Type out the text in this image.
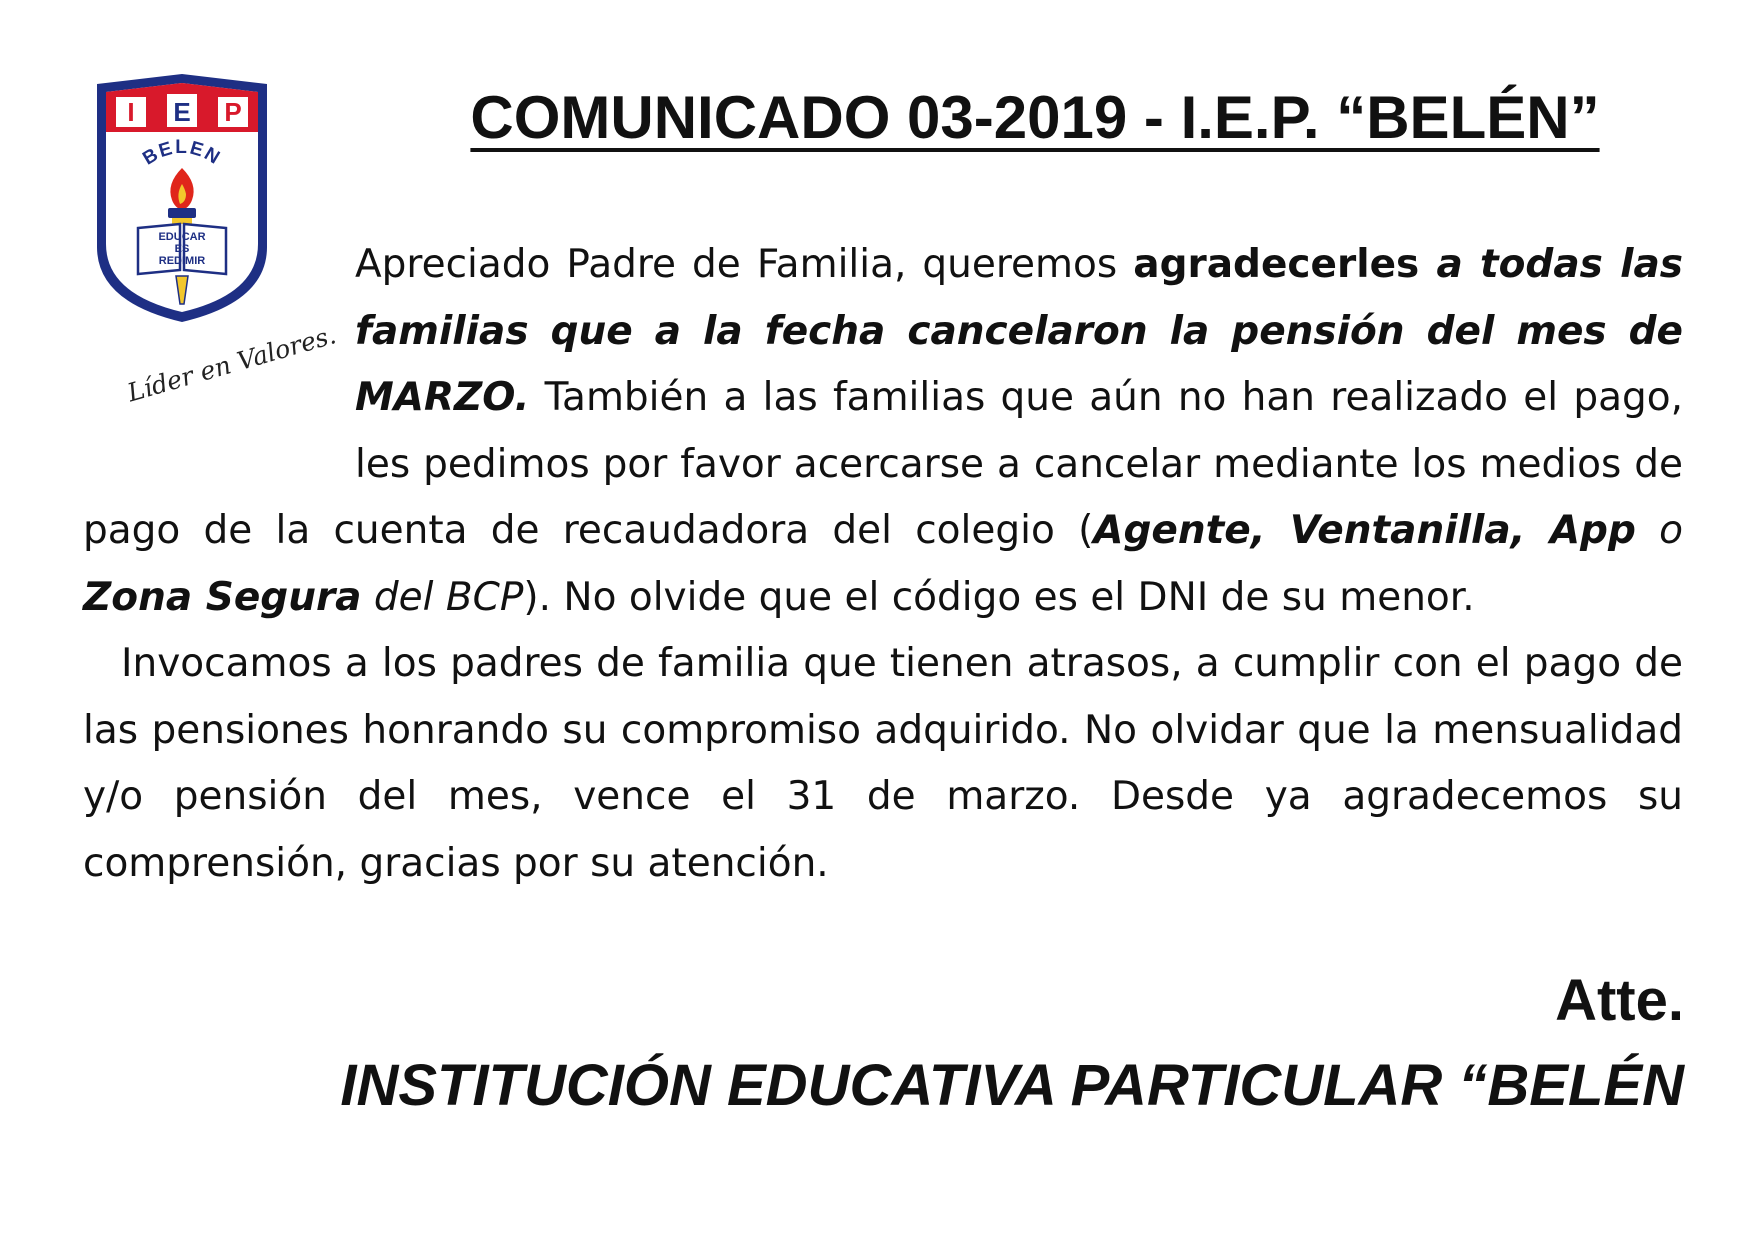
I E P
BELEN
EDUCAR
ES
REDIMIR
Líder en Valores.
COMUNICADO 03-2019 - I.E.P. “BELÉN”

Apreciado Padre de Familia, queremos agradecerles a todas las familias que a la fecha cancelaron la pensión del mes de MARZO. También a las familias que aún no han realizado el pago, les pedimos por favor acercarse a cancelar mediante los medios de pago de la cuenta de recaudadora del colegio (Agente, Ventanilla, App o Zona Segura del BCP). No olvide que el código es el DNI de su menor.

Invocamos a los padres de familia que tienen atrasos, a cumplir con el pago de las pensiones honrando su compromiso adquirido. No olvidar que la mensualidad y/o pensión del mes, vence el 31 de marzo. Desde ya agradecemos su comprensión, gracias por su atención.

Atte.

INSTITUCIÓN EDUCATIVA PARTICULAR “BELÉN
